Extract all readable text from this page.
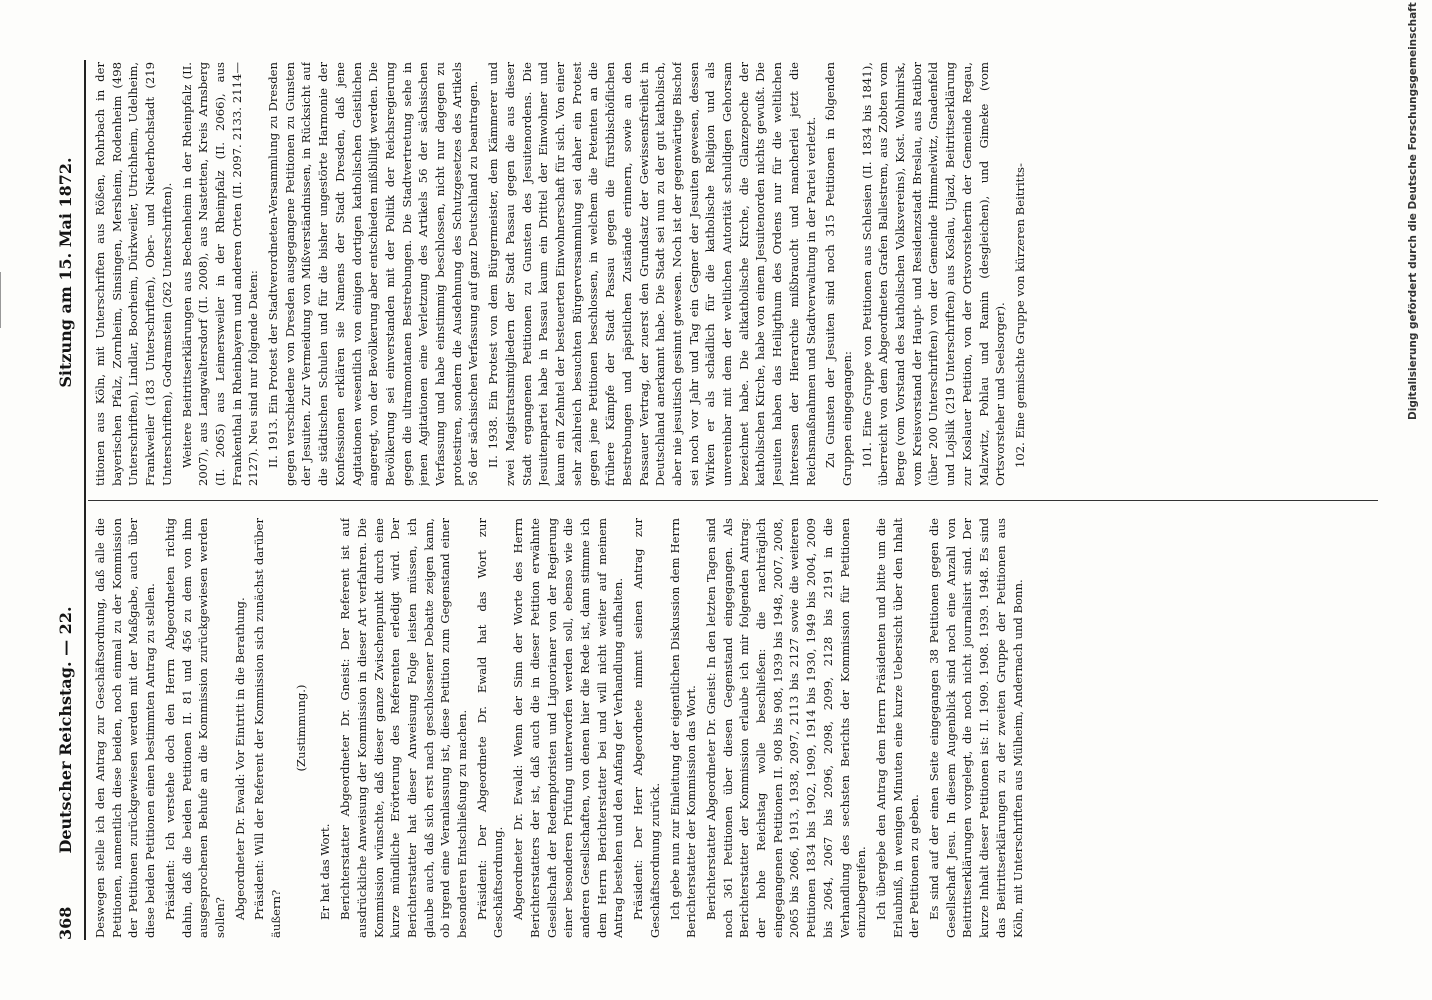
368
Deutscher Reichstag. — 22.
Sitzung am 15. Mai 1872.

Deswegen stelle ich den Antrag zur Geschäftsordnung, daß alle die Petitionen, namentlich diese beiden, noch einmal zu der Kommission der Petitionen zurückgewiesen werden mit der Maßgabe, auch über diese beiden Petitionen einen bestimmten Antrag zu stellen. Präsident: Ich verstehe doch den Herrn Abgeordneten richtig dahin, daß die beiden Petitionen II. 81 und 456 zu dem von ihm ausgesprochenen Behufe an die Kommission zurückgewiesen werden sollen? Abgeordneter Dr. Ewald: Vor Eintritt in die Berathung. Präsident: Will der Referent der Kommission sich zunächst darüber äußern?

(Zustimmung.)

Er hat das Wort. Berichterstatter Abgeordneter Dr. Gneist: Der Referent ist auf ausdrückliche Anweisung der Kommission in dieser Art verfahren. Die Kommission wünschte, daß dieser ganze Zwischenpunkt durch eine kurze mündliche Erörterung des Referenten erledigt wird. Der Berichterstatter hat dieser Anweisung Folge leisten müssen, ich glaube auch, daß sich erst nach geschlossener Debatte zeigen kann, ob irgend eine Veranlassung ist, diese Petition zum Gegenstand einer besonderen Entschließung zu machen. Präsident: Der Abgeordnete Dr. Ewald hat das Wort zur Geschäftsordnung. Abgeordneter Dr. Ewald: Wenn der Sinn der Worte des Herrn Berichterstatters der ist, daß auch die in dieser Petition erwähnte Gesellschaft der Redemptoristen und Liguorianer von der Regierung einer besonderen Prüfung unterworfen werden soll, ebenso wie die anderen Gesellschaften, von denen hier die Rede ist, dann stimme ich dem Herrn Berichterstatter bei und will nicht weiter auf meinem Antrag bestehen und den Anfang der Verhandlung aufhalten. Präsident: Der Herr Abgeordnete nimmt seinen Antrag zur Geschäftsordnung zurück. Ich gebe nun zur Einleitung der eigentlichen Diskussion dem Herrn Berichterstatter der Kommission das Wort. Berichterstatter Abgeordneter Dr. Gneist: In den letzten Tagen sind noch 361 Petitionen über diesen Gegenstand eingegangen. Als Berichterstatter der Kommission erlaube ich mir folgenden Antrag: der hohe Reichstag wolle beschließen: die nachträglich eingegangenen Petitionen II. 908 bis 908, 1939 bis 1948, 2007, 2008, 2065 bis 2066, 1913, 1938, 2097, 2113 bis 2127 sowie die weiteren Petitionen 1834 bis 1902, 1909, 1914 bis 1930, 1949 bis 2004, 2009 bis 2064, 2067 bis 2096, 2098, 2099, 2128 bis 2191 in die Verhandlung des sechsten Berichts der Kommission für Petitionen einzubegreifen. Ich übergebe den Antrag dem Herrn Präsidenten und bitte um die Erlaubniß, in wenigen Minuten eine kurze Uebersicht über den Inhalt der Petitionen zu geben. Es sind auf der einen Seite eingegangen 38 Petitionen gegen die Gesellschaft Jesu. In diesem Augenblick sind noch eine Anzahl von Beitrittserklärungen vorgelegt, die noch nicht journalisirt sind. Der kurze Inhalt dieser Petitionen ist: II. 1909. 1908. 1939. 1948. Es sind das Beitrittserklärungen zu der zweiten Gruppe der Petitionen aus Köln, mit Unterschriften aus Mülheim, Andernach und Bonn.

titionen aus Köln, mit Unterschriften aus Rößen, Rohrbach in der bayerischen Pfalz, Zornheim, Sinsingen, Mersheim, Rodenheim (498 Unterschriften), Lindlar, Boorheim, Dürkweiler, Utrichheim, Udelheim, Frankweiler (183 Unterschriften), Ober- und Niederhochstadt (219 Unterschriften), Godramstein (262 Unterschriften). Weitere Beitrittserklärungen aus Bechenheim in der Rheinpfalz (II. 2007), aus Langwaltersdorf (II. 2008), aus Nastetten, Kreis Arnsberg (II. 2065) aus Leimersweiler in der Rheinpfalz (II. 2066), aus Frankenthal in Rheinbayern und anderen Orten (II. 2097. 2133. 2114—2127). Neu sind nur folgende Daten: II. 1913. Ein Protest der Stadtverordneten-Versammlung zu Dresden gegen verschiedene von Dresden ausgegangene Petitionen zu Gunsten der Jesuiten. Zur Vermeidung von Mißverständnissen, in Rücksicht auf die städtischen Schulen und für die bisher ungestörte Harmonie der Konfessionen erklären sie Namens der Stadt Dresden, daß jene Agitationen wesentlich von einigen dortigen katholischen Geistlichen angeregt, von der Bevölkerung aber entschieden mißbilligt werden. Die Bevölkerung sei einverstanden mit der Politik der Reichsregierung gegen die ultramontanen Bestrebungen. Die Stadtvertretung sehe in jenen Agitationen eine Verletzung des Artikels 56 der sächsischen Verfassung und habe einstimmig beschlossen, nicht nur dagegen zu protestiren, sondern die Ausdehnung des Schutzgesetzes des Artikels 56 der sächsischen Verfassung auf ganz Deutschland zu beantragen. II. 1938. Ein Protest von dem Bürgermeister, dem Kämmerer und zwei Magistratsmitgliedern der Stadt Passau gegen die aus dieser Stadt ergangenen Petitionen zu Gunsten des Jesuitenordens. Die Jesuitenpartei habe in Passau kaum ein Drittel der Einwohner und kaum ein Zehntel der besteuerten Einwohnerschaft für sich. Von einer sehr zahlreich besuchten Bürgerversammlung sei daher ein Protest gegen jene Petitionen beschlossen, in welchem die Petenten an die frühere Kämpfe der Stadt Passau gegen die fürstbischöflichen Bestrebungen und päpstlichen Zustände erinnern, sowie an den Passauer Vertrag, der zuerst den Grundsatz der Gewissensfreiheit in Deutschland anerkannt habe. Die Stadt sei nun zu der gut katholisch, aber nie jesuitisch gesinnt gewesen. Noch ist der gegenwärtige Bischof sei noch vor Jahr und Tag ein Gegner der Jesuiten gewesen, dessen Wirken er als schädlich für die katholische Religion und als unvereinbar mit dem der weltlichen Autorität schuldigen Gehorsam bezeichnet habe. Die altkatholische Kirche, die Glanzepoche der katholischen Kirche, habe von einem Jesuitenorden nichts gewußt. Die Jesuiten haben das Heiligthum des Ordens nur für die weltlichen Interessen der Hierarchie mißbraucht und mancherlei jetzt die Reichsmaßnahmen und Stadtverwaltung in der Partei verletzt. Zu Gunsten der Jesuiten sind noch 315 Petitionen in folgenden Gruppen eingegangen: 101. Eine Gruppe von Petitionen aus Schlesien (II. 1834 bis 1841), überreicht von dem Abgeordneten Grafen Ballestrem, aus Zobten vom Berge (vom Vorstand des katholischen Volksvereins), Kost. Wohlmirsk, vom Kreisvorstand der Haupt- und Residenzstadt Breslau, aus Ratibor (über 200 Unterschriften) von der Gemeinde Himmelwitz, Gnadenfeld und Lojslik (219 Unterschriften) aus Koslau, Ujazd, Beitrittserklärung zur Koslauer Petition, von der Ortsvorsteherin der Gemeinde Regau, Malzwitz, Pohlau und Ramin (desgleichen), und Gimeke (vom Ortsvorsteher und Seelsorger). 102. Eine gemischte Gruppe von kürzeren Beitritts-	Digitalisierung gefördert durch die Deutsche Forschungsgemeinschaft
